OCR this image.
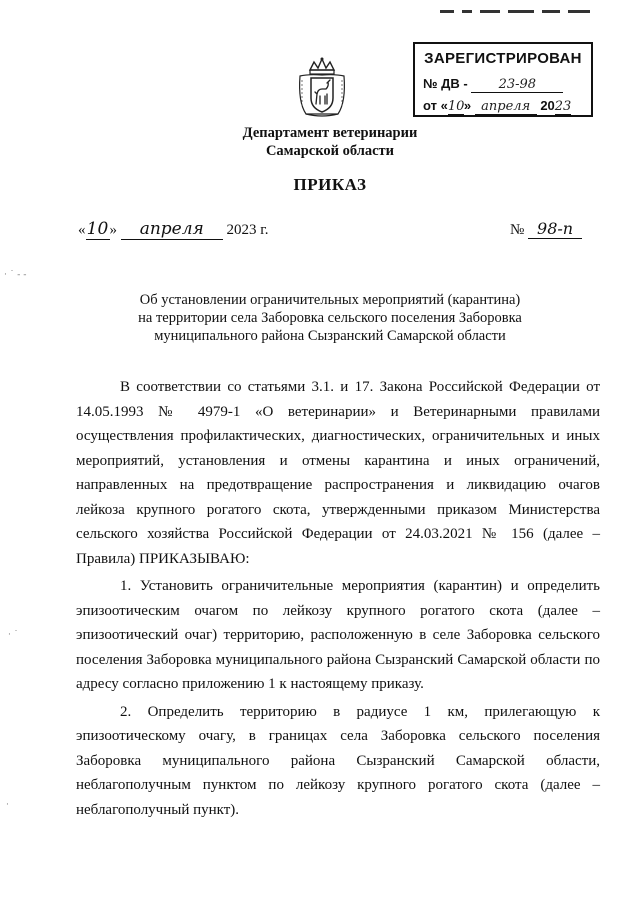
ЗАРЕГИСТРИРОВАН
№ ДВ - 23-98
от «10» апреля 2023
Департамент ветеринарии
Самарской области
ПРИКАЗ
«10» апреля 2023 г.	№ 98-п
Об установлении ограничительных мероприятий (карантина)
на территории села Заборовка сельского поселения Заборовка
муниципального района Сызранский Самарской области

В соответствии со статьями 3.1. и 17. Закона Российской Федерации от 14.05.1993 № 4979-1 «О ветеринарии» и Ветеринарными правилами осуществления профилактических, диагностических, ограничительных и иных мероприятий, установления и отмены карантина и иных ограничений, направленных на предотвращение распространения и ликвидацию очагов лейкоза крупного рогатого скота, утвержденными приказом Министерства сельского хозяйства Российской Федерации от 24.03.2021 № 156 (далее – Правила) ПРИКАЗЫВАЮ:

1. Установить ограничительные мероприятия (карантин) и определить эпизоотическим очагом по лейкозу крупного рогатого скота (далее – эпизоотический очаг) территорию, расположенную в селе Заборовка сельского поселения Заборовка муниципального района Сызранский Самарской области по адресу согласно приложению 1 к настоящему приказу.

2. Определить территорию в радиусе 1 км, прилегающую к эпизоотическому очагу, в границах села Заборовка сельского поселения Заборовка муниципального района Сызранский Самарской области, неблагополучным пунктом по лейкозу крупного рогатого скота (далее – неблагополучный пункт).

· ˙ ‑ ‑
· ˙
·
